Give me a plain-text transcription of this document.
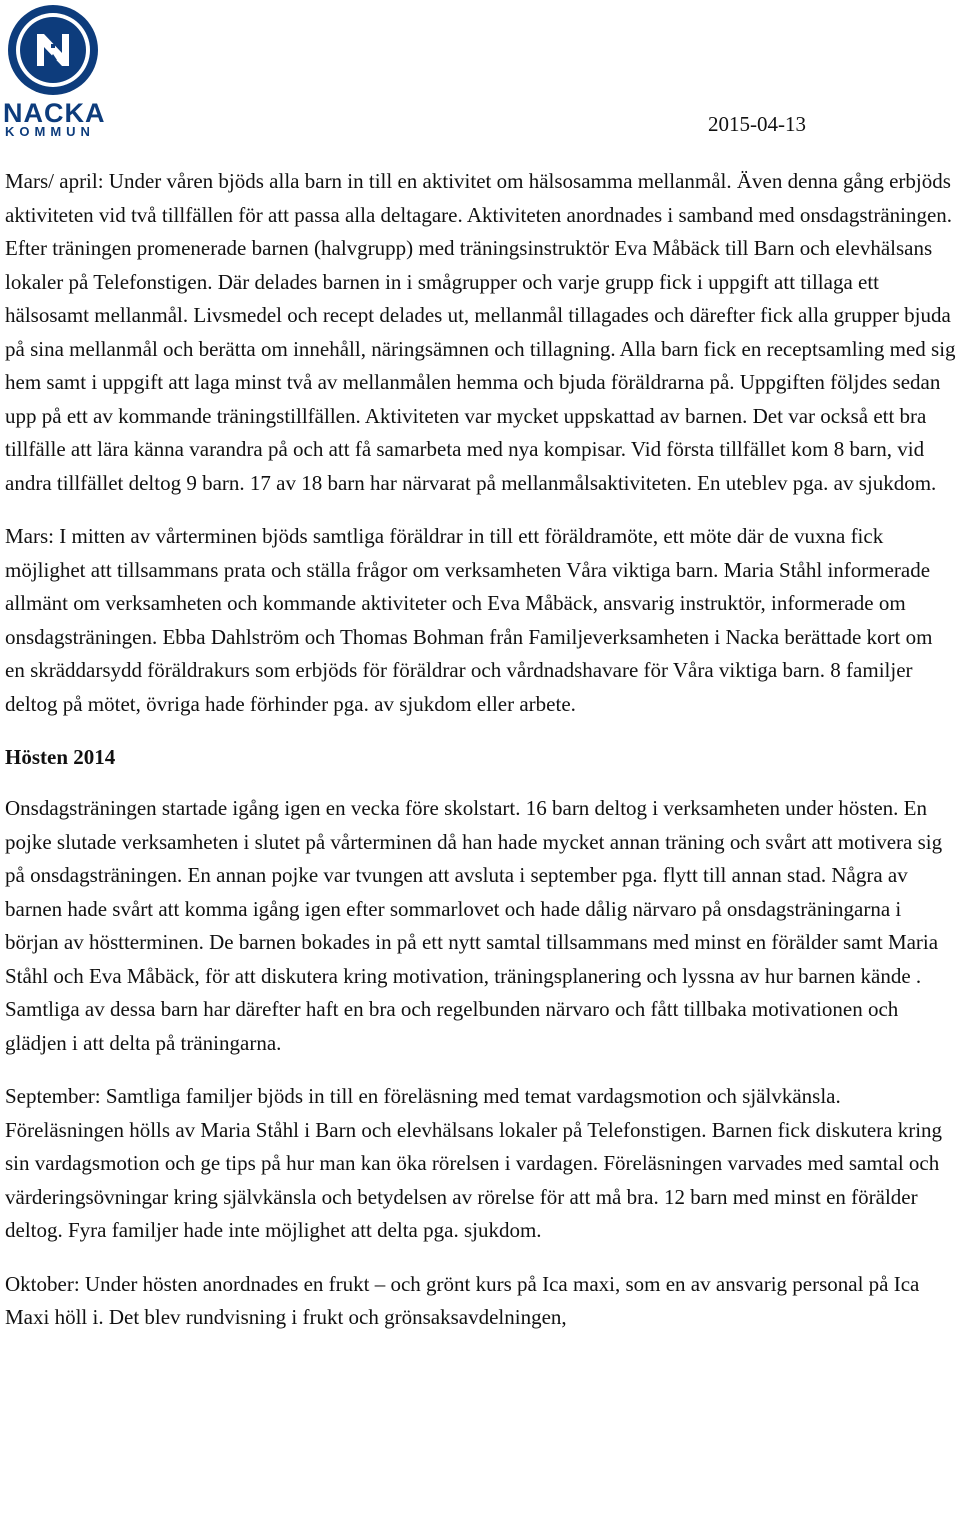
NACKA
KOMMUN	2015-04-13

Mars/ april: Under våren bjöds alla barn in till en aktivitet om hälsosamma mellanmål. Även denna gång erbjöds aktiviteten vid två tillfällen för att passa alla deltagare. Aktiviteten anordnades i samband med onsdagsträningen. Efter träningen promenerade barnen (halvgrupp) med träningsinstruktör Eva Måbäck till Barn och elevhälsans lokaler på Telefonstigen. Där delades barnen in i smågrupper och varje grupp fick i uppgift att tillaga ett hälsosamt mellanmål. Livsmedel och recept delades ut, mellanmål tillagades och därefter fick alla grupper bjuda på sina mellanmål och berätta om innehåll, näringsämnen och tillagning. Alla barn fick en receptsamling med sig hem samt i uppgift att laga minst två av mellanmålen hemma och bjuda föräldrarna på. Uppgiften följdes sedan upp på ett av kommande träningstillfällen. Aktiviteten var mycket uppskattad av barnen. Det var också ett bra tillfälle att lära känna varandra på och att få samarbeta med nya kompisar. Vid första tillfället kom 8 barn, vid andra tillfället deltog 9 barn. 17 av 18 barn har närvarat på mellanmålsaktiviteten. En uteblev pga. av sjukdom.

Mars: I mitten av vårterminen bjöds samtliga föräldrar in till ett föräldramöte, ett möte där de vuxna fick möjlighet att tillsammans prata och ställa frågor om verksamheten Våra viktiga barn. Maria Ståhl informerade allmänt om verksamheten och kommande aktiviteter och Eva Måbäck, ansvarig instruktör, informerade om onsdagsträningen. Ebba Dahlström och Thomas Bohman från Familjeverksamheten i Nacka berättade kort om en skräddarsydd föräldrakurs som erbjöds för föräldrar och vårdnadshavare för Våra viktiga barn. 8 familjer deltog på mötet, övriga hade förhinder pga. av sjukdom eller arbete.

Hösten 2014

Onsdagsträningen startade igång igen en vecka före skolstart. 16 barn deltog i verksamheten under hösten. En pojke slutade verksamheten i slutet på vårterminen då han hade mycket annan träning och svårt att motivera sig på onsdagsträningen. En annan pojke var tvungen att avsluta i september pga. flytt till annan stad. Några av barnen hade svårt att komma igång igen efter sommarlovet och hade dålig närvaro på onsdagsträningarna i början av höstterminen. De barnen bokades in på ett nytt samtal tillsammans med minst en förälder samt Maria Ståhl och Eva Måbäck, för att diskutera kring motivation, träningsplanering och lyssna av hur barnen kände . Samtliga av dessa barn har därefter haft en bra och regelbunden närvaro och fått tillbaka motivationen och glädjen i att delta på träningarna.

September: Samtliga familjer bjöds in till en föreläsning med temat vardagsmotion och självkänsla. Föreläsningen hölls av Maria Ståhl i Barn och elevhälsans lokaler på Telefonstigen. Barnen fick diskutera kring sin vardagsmotion och ge tips på hur man kan öka rörelsen i vardagen. Föreläsningen varvades med samtal och värderingsövningar kring självkänsla och betydelsen av rörelse för att må bra. 12 barn med minst en förälder deltog. Fyra familjer hade inte möjlighet att delta pga. sjukdom.

Oktober: Under hösten anordnades en frukt – och grönt kurs på Ica maxi, som en av ansvarig personal på Ica Maxi höll i. Det blev rundvisning i frukt och grönsaksavdelningen,
